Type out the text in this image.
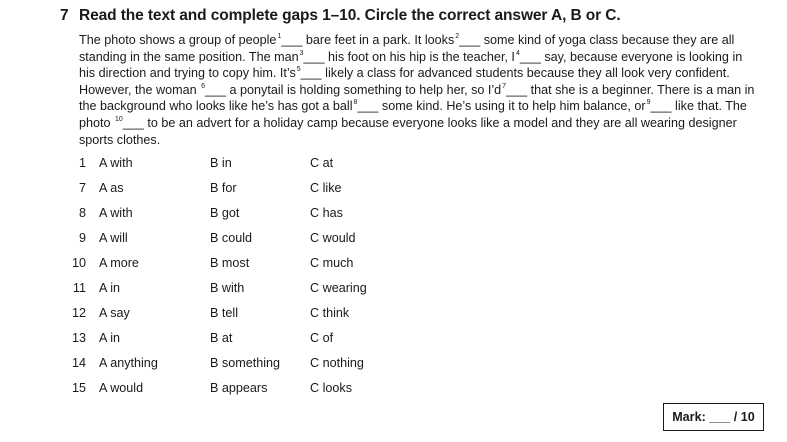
7 Read the text and complete gaps 1–10. Circle the correct answer A, B or C.
The photo shows a group of people$^1$___ bare feet in a park. It looks$^2$___ some kind of yoga class because they are all
standing in the same position. The man$^3$___ his foot on his hip is the teacher, $I^4\_\_\_$ say, because everyone is looking in
his direction and trying to copy him. $It’s^5\_\_\_$ likely a class for advanced students because they all look very confident.
However, the woman $^6$___ a ponytail is holding something to help her, so $I’d^7\_\_\_$ that she is a beginner. There is a man in
the background who looks like he’s has got a ball$^8$___ some kind. He’s using it to help him balance, $or^9\_\_\_$ like that. The
photo $^{10}$___ to be an advert for a holiday camp because everyone looks like a model and they are all wearing designer
sports clothes.
1 A with	B in	C at
7 A as	B for	C like
8 A with	B got	C has
9 A will	B could	C would
10 A more	B most	C much
11 A in	B with	C wearing
12 A say	B tell	C think
13 A in	B at	C of
14 A anything	B something C nothing
15 A would	B appears	C looks
Mark: ___ / 10
